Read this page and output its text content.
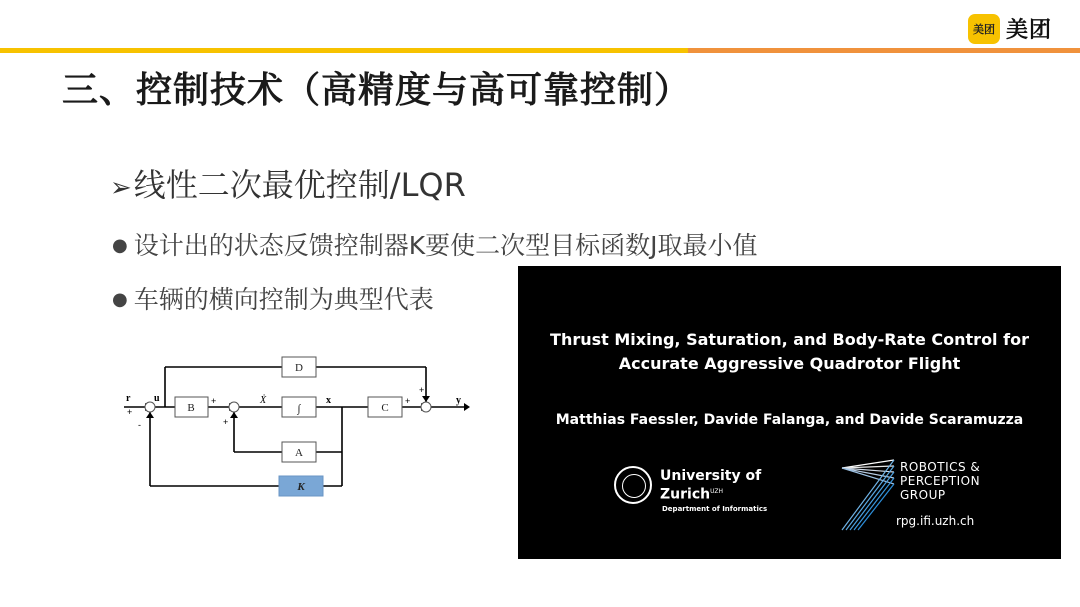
美团 美团
三、控制技术（高精度与高可靠控制）
➢线性二次最优控制/LQR
● 设计出的状态反馈控制器K要使二次型目标函数J取最小值
● 车辆的横向控制为典型代表
D
B	∫	C
A
K
r u	Ẋ	x	y
+
-
+
+
+
+
Thrust Mixing, Saturation, and Body-Rate Control for
Accurate Aggressive Quadrotor Flight
Matthias Faessler, Davide Falanga, and Davide Scaramuzza
University of
Zurich$^{UZH}$
Department of Informatics
ROBOTICS &
PERCEPTION
GROUP
rpg.ifi.uzh.ch
